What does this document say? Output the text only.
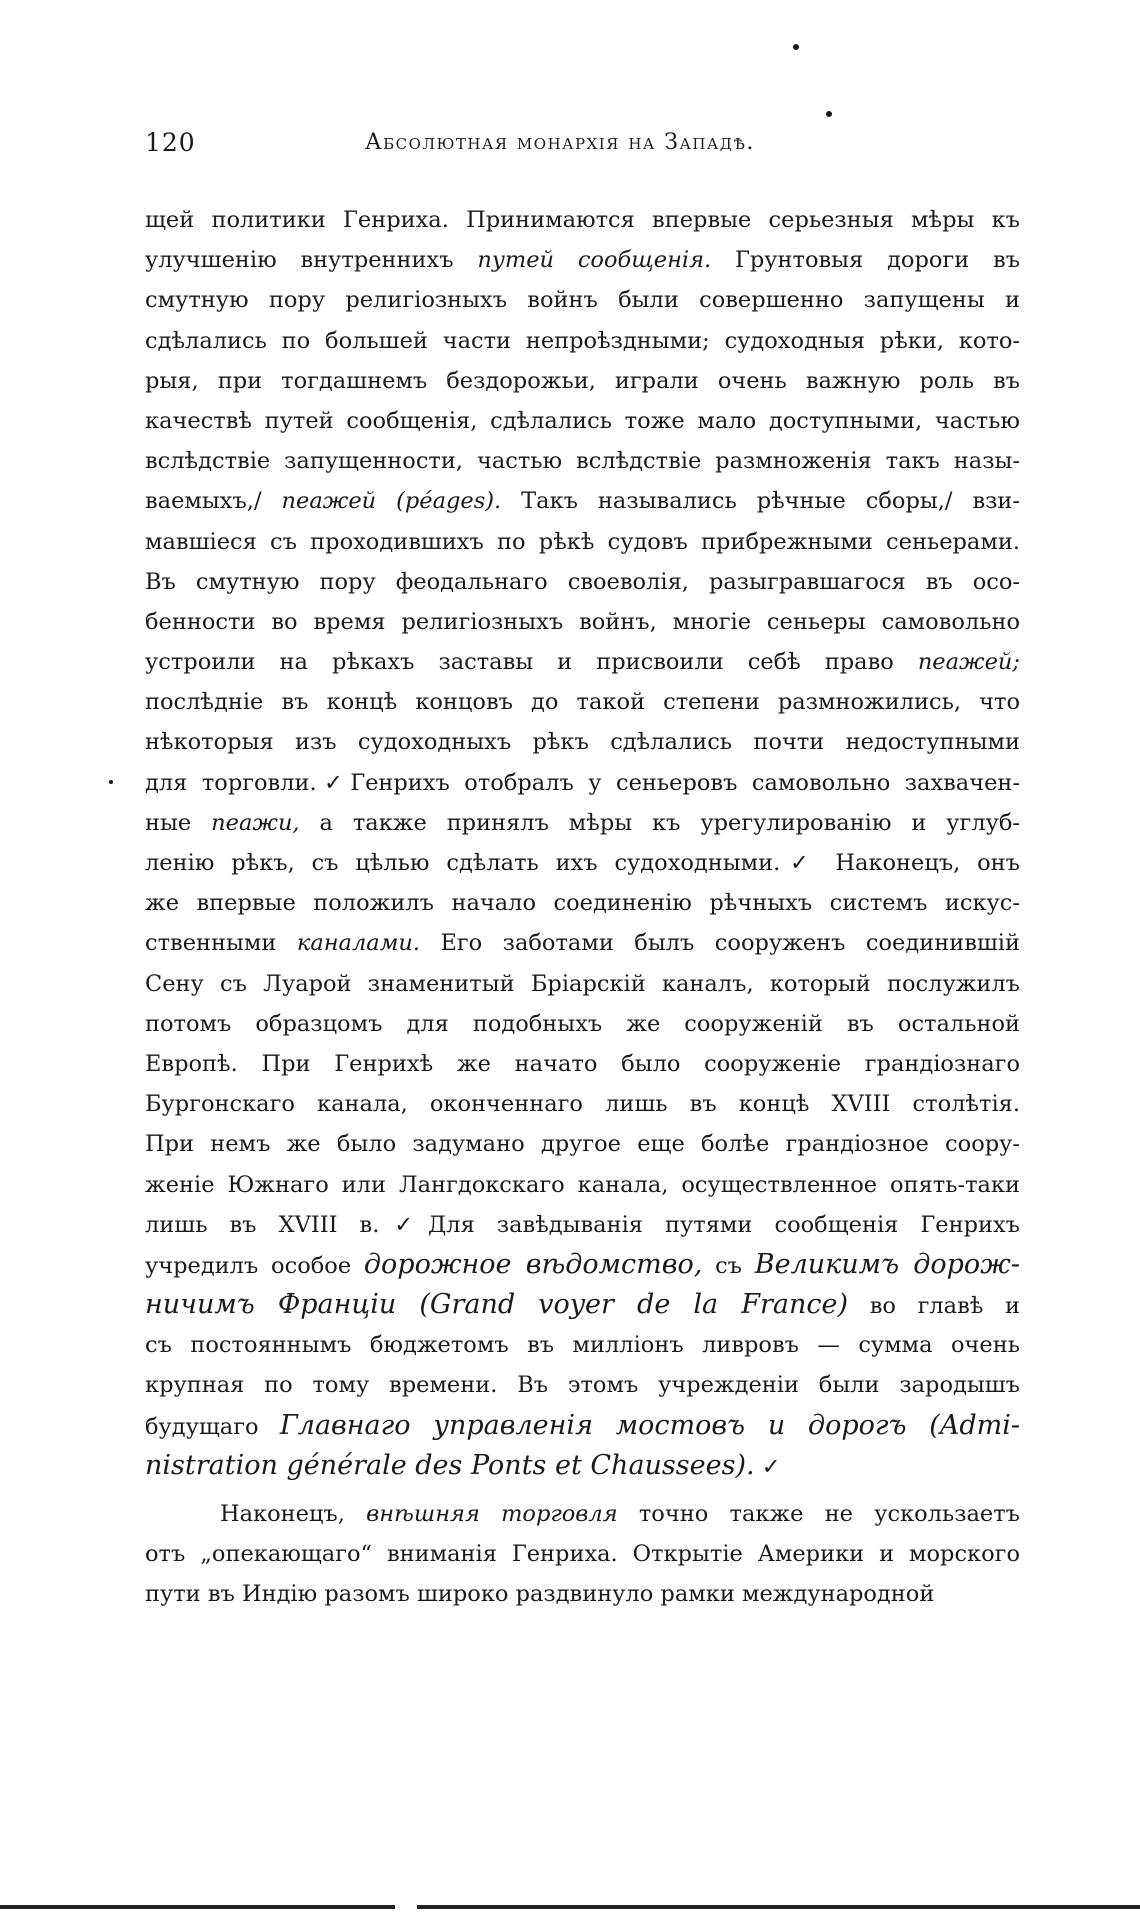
120	Абсолютная монархія на Западѣ.
щей политики Генриха. Принимаются впервые серьезныя мѣры къ
улучшенію внутреннихъ путей сообщенія. Грунтовыя дороги въ
смутную пору религіозныхъ войнъ были совершенно запущены и
сдѣлались по большей части непроѣздными; судоходныя рѣки, кото-
рыя, при тогдашнемъ бездорожьи, играли очень важную роль въ
качествѣ путей сообщенія, сдѣлались тоже мало доступными, частью
вслѣдствіе запущенности, частью вслѣдствіе размноженія такъ назы-
ваемыхъ,/ пеажей (péages). Такъ назывались рѣчные сборы,/ взи-
мавшіеся съ проходившихъ по рѣкѣ судовъ прибрежными сеньерами.
Въ смутную пору феодальнаго своеволія, разыгравшагося въ осо-
бенности во время религіозныхъ войнъ, многіе сеньеры самовольно
устроили на рѣкахъ заставы и присвоили себѣ право пеажей;
послѣдніе въ концѣ концовъ до такой степени размножились, что
нѣкоторыя изъ судоходныхъ рѣкъ сдѣлались почти недоступными
для торговли.✓Генрихъ отобралъ у сеньеровъ самовольно захвачен-
ные пеажи, а также принялъ мѣры къ урегулированію и углуб-
ленію рѣкъ, съ цѣлью сдѣлать ихъ судоходными.✓ Наконецъ, онъ
же впервые положилъ начало соединенію рѣчныхъ системъ искус-
ственными каналами. Его заботами былъ сооруженъ соединившій
Сену съ Луарой знаменитый Бріарскій каналъ, который послужилъ
потомъ образцомъ для подобныхъ же сооруженій въ остальной
Европѣ. При Генрихѣ же начато было сооруженіе грандіознаго
Бургонскаго канала, оконченнаго лишь въ концѣ XVIII столѣтія.
При немъ же было задумано другое еще болѣе грандіозное соору-
женіе Южнаго или Лангдокскаго канала, осуществленное опять-таки
лишь въ XVIII в.✓Для завѣдыванія путями сообщенія Генрихъ
учредилъ особое дорожное вѣдомство, съ Великимъ дорож-
ничимъ Франціи (Grand voyer de la France) во главѣ и
съ постояннымъ бюджетомъ въ милліонъ ливровъ — сумма очень
крупная по тому времени. Въ этомъ учрежденіи были зародышъ
будущаго Главнаго управленія мостовъ и дорогъ (Admi-
nistration générale des Ponts et Chaussees). ✓
Наконецъ, внѣшняя торговля точно также не ускользаетъ
отъ „опекающаго“ вниманія Генриха. Открытіе Америки и морского
пути въ Индію разомъ широко раздвинуло рамки международной
